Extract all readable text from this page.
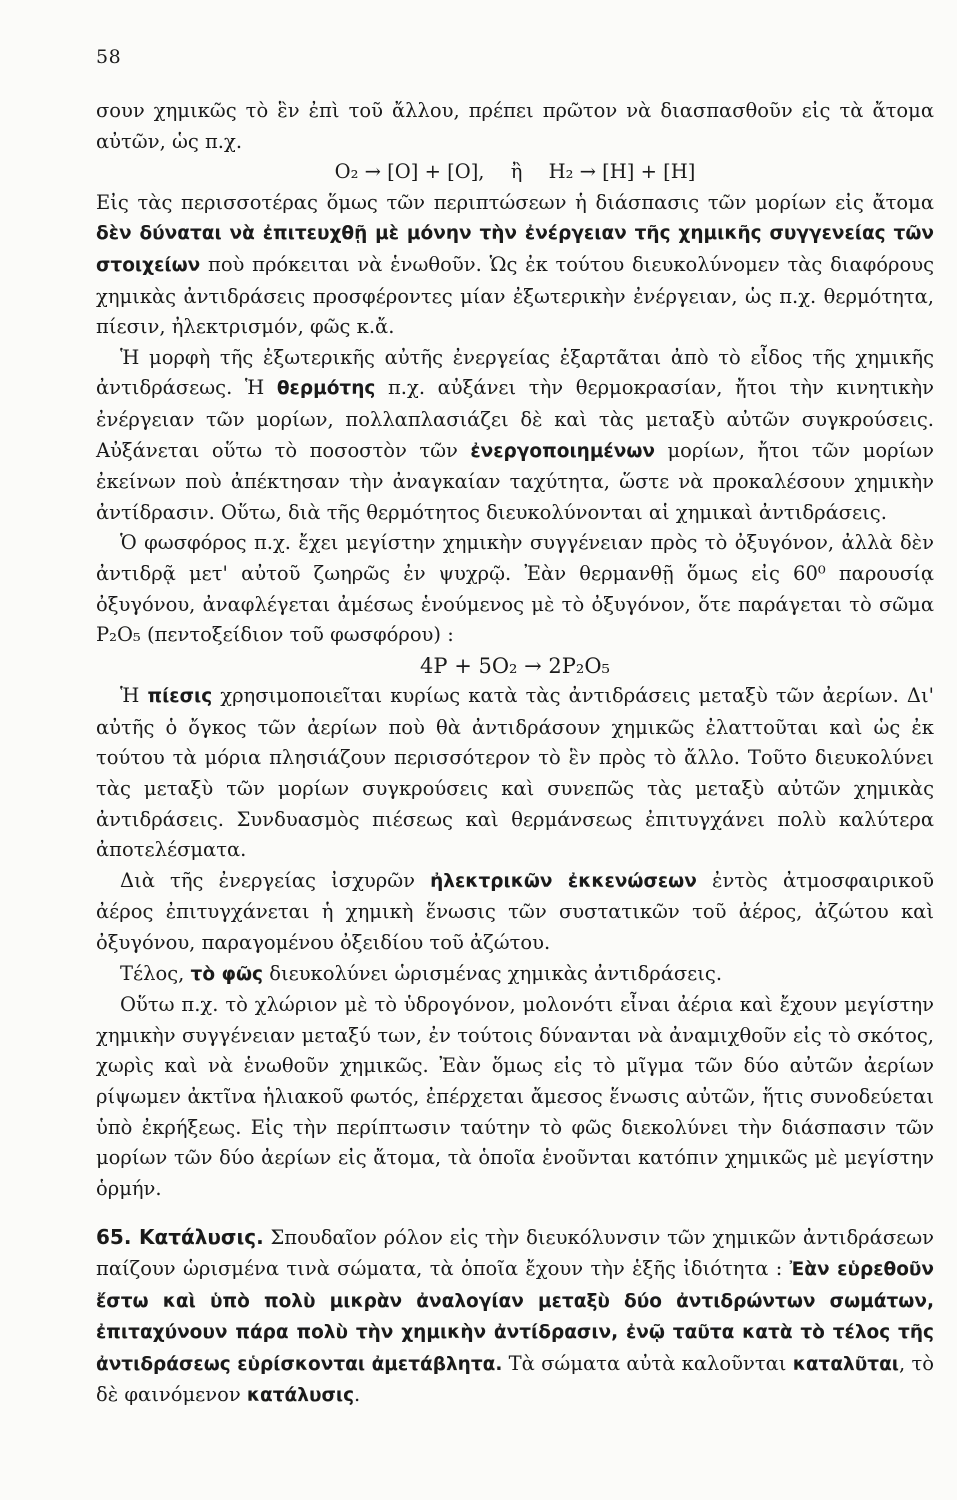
58

σουν χημικῶς τὸ ἓν ἐπὶ τοῦ ἄλλου, πρέπει πρῶτον νὰ διασπασθοῦν εἰς τὰ ἄτομα

αὐτῶν, ὡς π.χ.

O₂ → [O] + [O], ἢ H₂ → [H] + [H]

Εἰς τὰς περισσοτέρας ὅμως τῶν περιπτώσεων ἡ διάσπασις τῶν μορίων εἰς ἄτομα δὲν δύναται νὰ ἐπιτευχθῇ μὲ μόνην τὴν ἐνέργειαν τῆς χημικῆς συγγενείας τῶν στοιχείων ποὺ πρόκειται νὰ ἑνωθοῦν. Ὡς ἐκ τούτου διευκολύνομεν τὰς διαφόρους χημικὰς ἀντιδράσεις προσφέροντες μίαν ἐξωτερικὴν ἐνέργειαν, ὡς π.χ. θερμότητα, πίεσιν, ἠλεκτρισμόν, φῶς κ.ἄ.

Ἡ μορφὴ τῆς ἐξωτερικῆς αὐτῆς ἐνεργείας ἐξαρτᾶται ἀπὸ τὸ εἶδος τῆς χημικῆς ἀντιδράσεως. Ἡ θερμότης π.χ. αὐξάνει τὴν θερμοκρασίαν, ἤτοι τὴν κινητικὴν ἐνέργειαν τῶν μορίων, πολλαπλασιάζει δὲ καὶ τὰς μεταξὺ αὐτῶν συγκρούσεις. Αὐξάνεται οὕτω τὸ ποσοστὸν τῶν ἐνεργοποιημένων μορίων, ἤτοι τῶν μορίων ἐκείνων ποὺ ἀπέκτησαν τὴν ἀναγκαίαν ταχύτητα, ὥστε νὰ προκαλέσουν χημικὴν ἀντίδρασιν. Οὕτω, διὰ τῆς θερμότητος διευκολύνονται αἱ χημικαὶ ἀντιδράσεις.

Ὁ φωσφόρος π.χ. ἔχει μεγίστην χημικὴν συγγένειαν πρὸς τὸ ὀξυγόνον, ἀλλὰ δὲν ἀντιδρᾷ μετ' αὐτοῦ ζωηρῶς ἐν ψυχρῷ. Ἐὰν θερμανθῇ ὅμως εἰς 60⁰ παρουσίᾳ ὀξυγόνου, ἀναφλέγεται ἀμέσως ἑνούμενος μὲ τὸ ὀξυγόνον, ὅτε παράγεται τὸ σῶμα P₂O₅ (πεντοξείδιον τοῦ φωσφόρου) :

4P + 5O₂ → 2P₂O₅

Ἡ πίεσις χρησιμοποιεῖται κυρίως κατὰ τὰς ἀντιδράσεις μεταξὺ τῶν ἀερίων. Δι' αὐτῆς ὁ ὄγκος τῶν ἀερίων ποὺ θὰ ἀντιδράσουν χημικῶς ἐλαττοῦται καὶ ὡς ἐκ τούτου τὰ μόρια πλησιάζουν περισσότερον τὸ ἓν πρὸς τὸ ἄλλο. Τοῦτο διευκολύνει τὰς μεταξὺ τῶν μορίων συγκρούσεις καὶ συνεπῶς τὰς μεταξὺ αὐτῶν χημικὰς ἀντιδράσεις. Συνδυασμὸς πιέσεως καὶ θερμάνσεως ἐπιτυγχάνει πολὺ καλύτερα ἀποτελέσματα.

Διὰ τῆς ἐνεργείας ἰσχυρῶν ἠλεκτρικῶν ἐκκενώσεων ἐντὸς ἀτμοσφαιρικοῦ ἀέρος ἐπιτυγχάνεται ἡ χημικὴ ἕνωσις τῶν συστατικῶν τοῦ ἀέρος, ἀζώτου καὶ ὀξυγόνου, παραγομένου ὀξειδίου τοῦ ἀζώτου.

Τέλος, τὸ φῶς διευκολύνει ὡρισμένας χημικὰς ἀντιδράσεις.

Οὕτω π.χ. τὸ χλώριον μὲ τὸ ὑδρογόνον, μολονότι εἶναι ἀέρια καὶ ἔχουν μεγίστην χημικὴν συγγένειαν μεταξύ των, ἐν τούτοις δύνανται νὰ ἀναμιχθοῦν εἰς τὸ σκότος, χωρὶς καὶ νὰ ἑνωθοῦν χημικῶς. Ἐὰν ὅμως εἰς τὸ μῖγμα τῶν δύο αὐτῶν ἀερίων ρίψωμεν ἀκτῖνα ἡλιακοῦ φωτός, ἐπέρχεται ἄμεσος ἕνωσις αὐτῶν, ἥτις συνοδεύεται ὑπὸ ἐκρήξεως. Εἰς τὴν περίπτωσιν ταύτην τὸ φῶς διεκολύνει τὴν διάσπασιν τῶν μορίων τῶν δύο ἀερίων εἰς ἄτομα, τὰ ὁποῖα ἑνοῦνται κατόπιν χημικῶς μὲ μεγίστην ὁρμήν.

65. Κατάλυσις. Σπουδαῖον ρόλον εἰς τὴν διευκόλυνσιν τῶν χημικῶν ἀντιδράσεων παίζουν ὡρισμένα τινὰ σώματα, τὰ ὁποῖα ἔχουν τὴν ἑξῆς ἰδιότητα : Ἐὰν εὑρεθοῦν ἔστω καὶ ὑπὸ πολὺ μικρὰν ἀναλογίαν μεταξὺ δύο ἀντιδρώντων σωμάτων, ἐπιταχύνουν πάρα πολὺ τὴν χημικὴν ἀντίδρασιν, ἐνῷ ταῦτα κατὰ τὸ τέλος τῆς ἀντιδράσεως εὑρίσκονται ἀμετάβλητα. Τὰ σώματα αὐτὰ καλοῦνται καταλῦται, τὸ δὲ φαινόμενον κατάλυσις.
